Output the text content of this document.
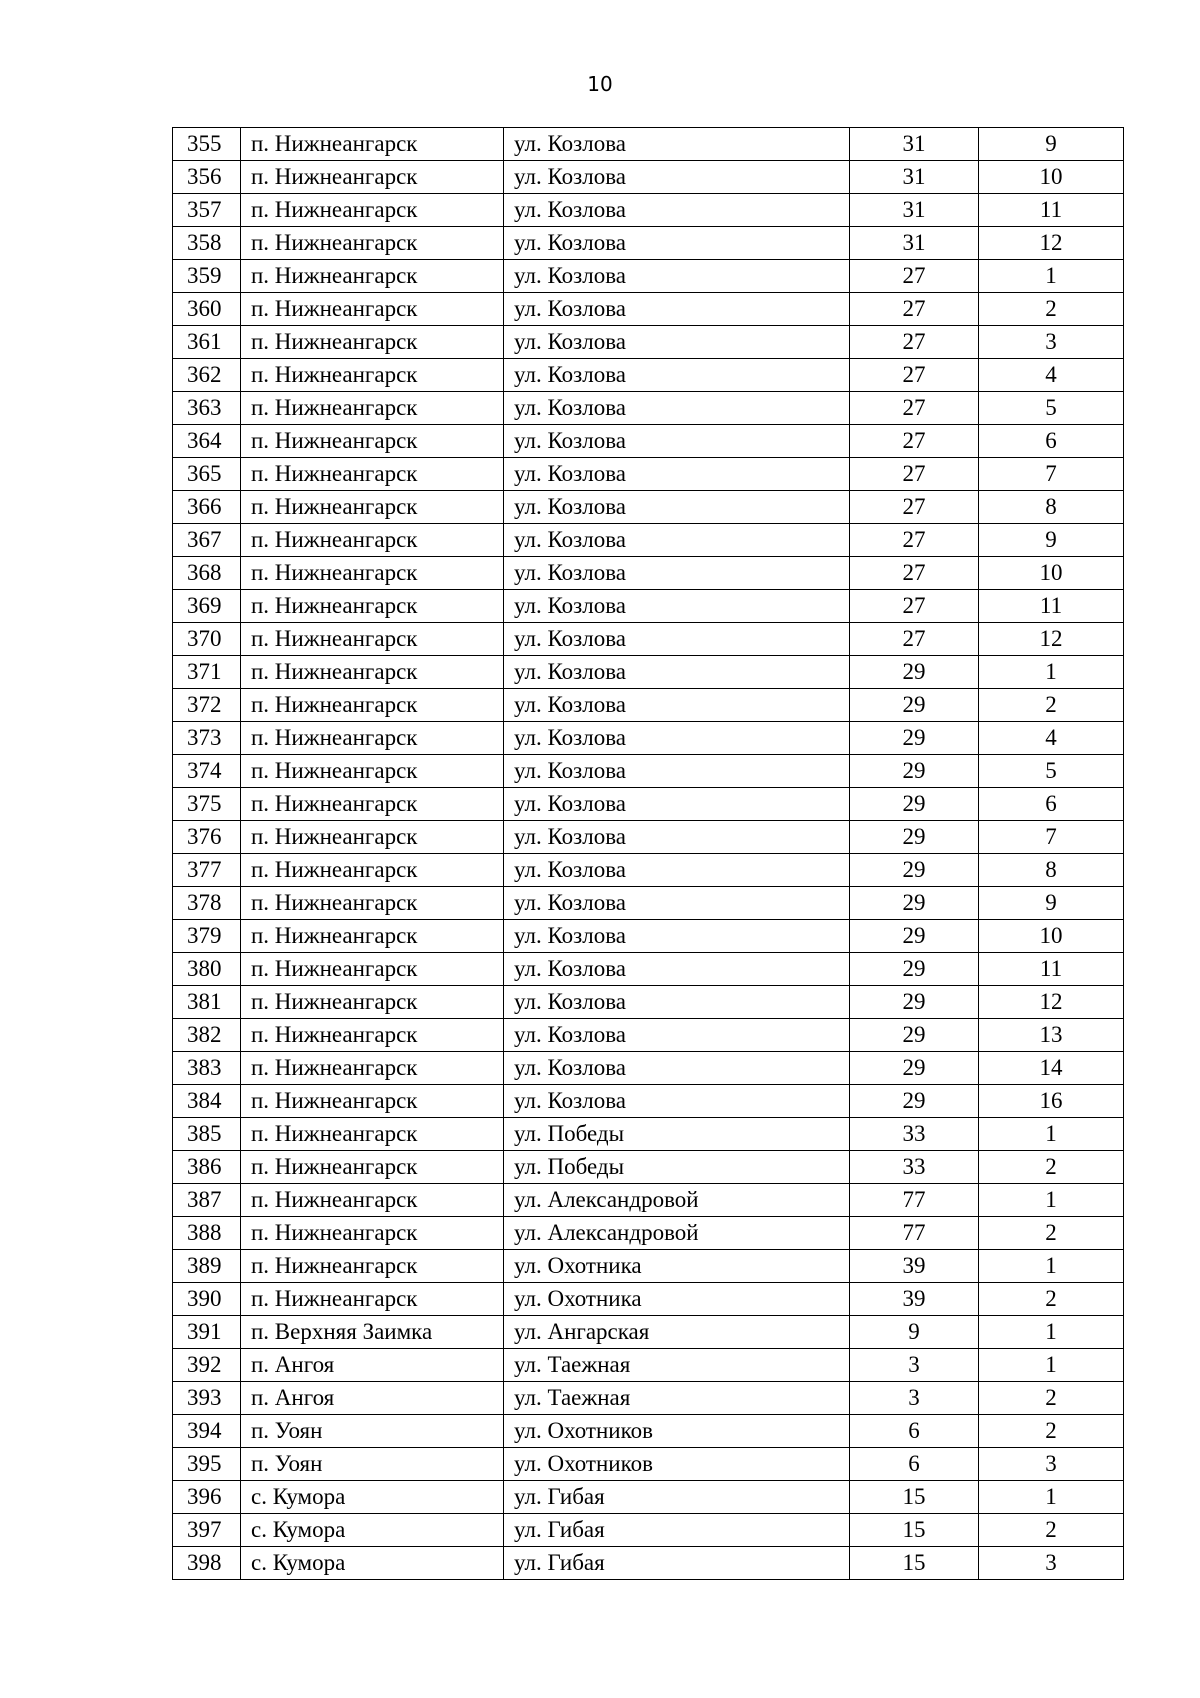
10
355	п. Нижнеангарск	ул. Козлова	31	9
356	п. Нижнеангарск	ул. Козлова	31	10
357	п. Нижнеангарск	ул. Козлова	31	11
358	п. Нижнеангарск	ул. Козлова	31	12
359	п. Нижнеангарск	ул. Козлова	27	1
360	п. Нижнеангарск	ул. Козлова	27	2
361	п. Нижнеангарск	ул. Козлова	27	3
362	п. Нижнеангарск	ул. Козлова	27	4
363	п. Нижнеангарск	ул. Козлова	27	5
364	п. Нижнеангарск	ул. Козлова	27	6
365	п. Нижнеангарск	ул. Козлова	27	7
366	п. Нижнеангарск	ул. Козлова	27	8
367	п. Нижнеангарск	ул. Козлова	27	9
368	п. Нижнеангарск	ул. Козлова	27	10
369	п. Нижнеангарск	ул. Козлова	27	11
370	п. Нижнеангарск	ул. Козлова	27	12
371	п. Нижнеангарск	ул. Козлова	29	1
372	п. Нижнеангарск	ул. Козлова	29	2
373	п. Нижнеангарск	ул. Козлова	29	4
374	п. Нижнеангарск	ул. Козлова	29	5
375	п. Нижнеангарск	ул. Козлова	29	6
376	п. Нижнеангарск	ул. Козлова	29	7
377	п. Нижнеангарск	ул. Козлова	29	8
378	п. Нижнеангарск	ул. Козлова	29	9
379	п. Нижнеангарск	ул. Козлова	29	10
380	п. Нижнеангарск	ул. Козлова	29	11
381	п. Нижнеангарск	ул. Козлова	29	12
382	п. Нижнеангарск	ул. Козлова	29	13
383	п. Нижнеангарск	ул. Козлова	29	14
384	п. Нижнеангарск	ул. Козлова	29	16
385	п. Нижнеангарск	ул. Победы	33	1
386	п. Нижнеангарск	ул. Победы	33	2
387	п. Нижнеангарск	ул. Александровой	77	1
388	п. Нижнеангарск	ул. Александровой	77	2
389	п. Нижнеангарск	ул. Охотника	39	1
390	п. Нижнеангарск	ул. Охотника	39	2
391	п. Верхняя Заимка	ул. Ангарская	9	1
392	п. Ангоя	ул. Таежная	3	1
393	п. Ангоя	ул. Таежная	3	2
394	п. Уоян	ул. Охотников	6	2
395	п. Уоян	ул. Охотников	6	3
396	с. Кумора	ул. Гибая	15	1
397	с. Кумора	ул. Гибая	15	2
398	с. Кумора	ул. Гибая	15	3
